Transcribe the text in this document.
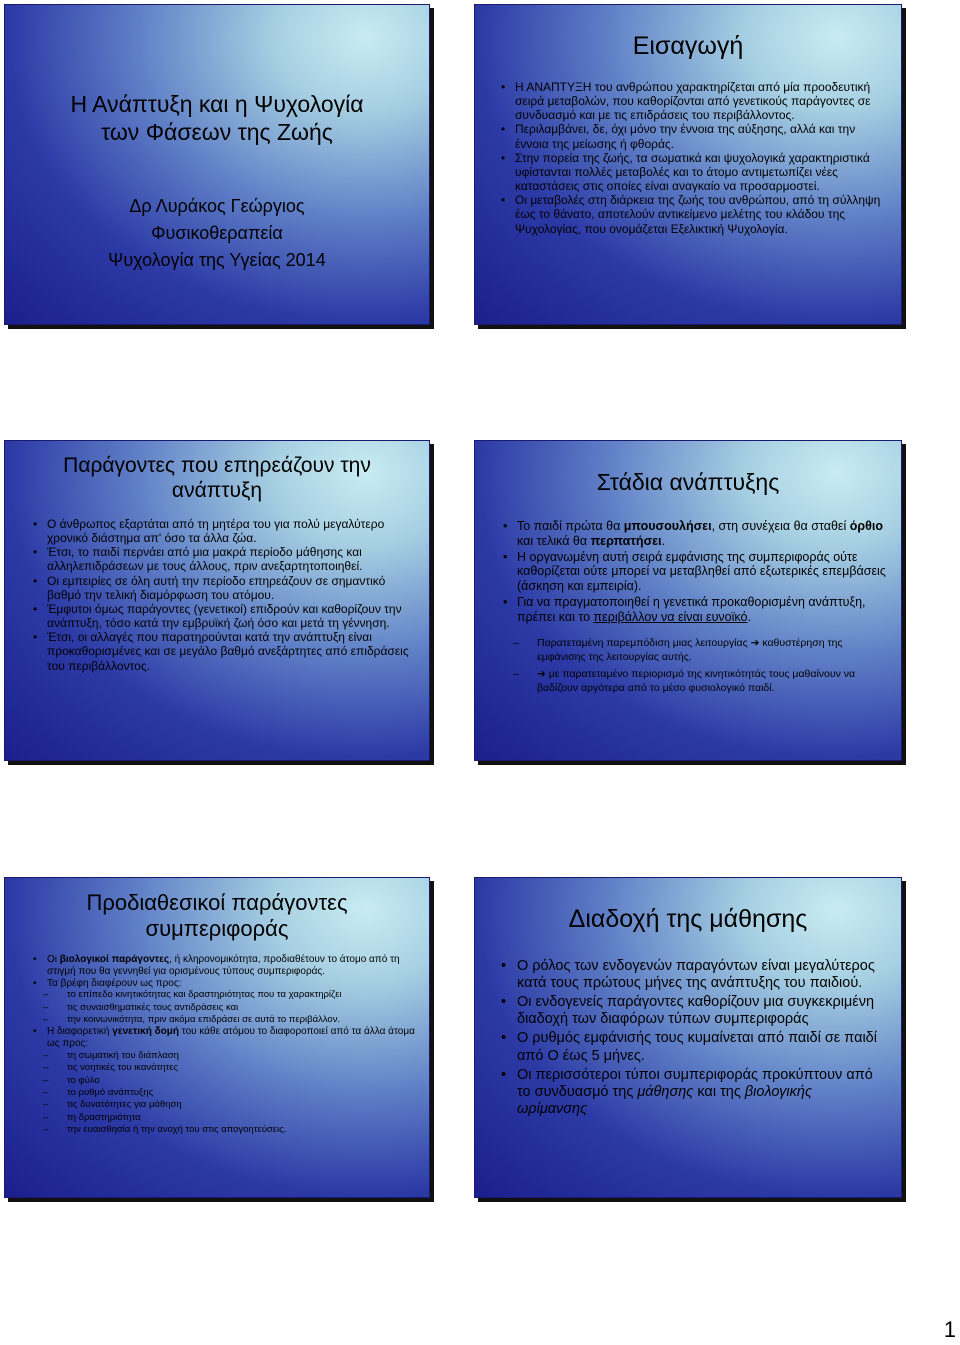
Η Ανάπτυξη και η Ψυχολογία
των Φάσεων της Ζωής
Δρ Λυράκος Γεώργιος
Φυσικοθεραπεία
Ψυχολογία της Υγείας 2014
Εισαγωγή
• Η ΑΝΑΠΤΥΞΗ του ανθρώπου χαρακτηρίζεται από μία προοδευτική σειρά μεταβολών, που καθορίζονται από γενετικούς παράγοντες σε συνδυασμό και με τις επιδράσεις του περιβάλλοντος.
• Περιλαμβάνει, δε, όχι μόνο την έννοια της αύξησης, αλλά και την έννοια της μείωσης ή φθοράς.
• Στην πορεία της ζωής, τα σωματικά και ψυχολογικά χαρακτηριστικά υφίστανται πολλές μεταβολές και το άτομο αντιμετωπίζει νέες καταστάσεις στις οποίες είναι αναγκαίο να προσαρμοστεί.
• Οι μεταβολές στη διάρκεια της ζωής του ανθρώπου, από τη σύλληψη έως το θάνατο, αποτελούν αντικείμενο μελέτης του κλάδου της Ψυχολογίας, που ονομάζεται Εξελικτική Ψυχολογία.
Παράγοντες που επηρεάζουν την
ανάπτυξη
• Ο άνθρωπος εξαρτάται από τη μητέρα του για πολύ μεγαλύτερο χρονικό διάστημα απ' όσο τα άλλα ζώα.
• Έτσι, το παιδί περνάει από μια μακρά περίοδο μάθησης και αλληλεπιδράσεων με τους άλλους, πριν ανεξαρτητοποιηθεί.
• Οι εμπειρίες σε όλη αυτή την περίοδο επηρεάζουν σε σημαντικό βαθμό την τελική διαμόρφωση του ατόμου.
• Έμφυτοι όμως παράγοντες (γενετικοί) επιδρούν και καθορίζουν την ανάπτυξη, τόσο κατά την εμβρυϊκή ζωή όσο και μετά τη γέννηση.
• Έτσι, οι αλλαγές που παρατηρούνται κατά την ανάπτυξη είναι προκαθορισμένες και σε μεγάλο βαθμό ανεξάρτητες από επιδράσεις του περιβάλλοντος.
Στάδια ανάπτυξης
• Το παιδί πρώτα θα μπουσουλήσει, στη συνέχεια θα σταθεί όρθιο και τελικά θα περπατήσει.
• Η οργανωμένη αυτή σειρά εμφάνισης της συμπεριφοράς ούτε καθορίζεται ούτε μπορεί να μεταβληθεί από εξωτερικές επεμβάσεις (άσκηση και εμπειρία).
• Για να πραγματοποιηθεί η γενετικά προκαθορισμένη ανάπτυξη, πρέπει και το περιβάλλον να είναι ευνοϊκό.
– Παρατεταμένη παρεμπόδιση μιας λειτουργίας ➔ καθυστέρηση της εμφάνισης της λειτουργίας αυτής.
– ➔ με παρατεταμένο περιορισμό της κινητικότητάς τους μαθαίνουν να βαδίζουν αργότερα από το μέσο φυσιολογικό παιδί.
Προδιαθεσικοί παράγοντες
συμπεριφοράς
• Οι βιολογικοί παράγοντες, ή κληρονομικότητα, προδιαθέτουν το άτομο από τη στιγμή που θα γεννηθεί για ορισμένους τύπους συμπεριφοράς.
• Τα βρέφη διαφέρουν ως προς:
– το επίπεδο κινητικότητας και δραστηριότητας που τα χαρακτηρίζει
– τις συναισθηματικές τους αντιδράσεις και
– την κοινωνικότητα, πριν ακόμα επιδράσει σε αυτά το περιβάλλον.
• Η διαφορετική γενετική δομή του κάθε ατόμου το διαφοροποιεί από τα άλλα άτομα ως προς:
– τη σωματική του διάπλαση
– τις νοητικές του ικανότητες
– το φύλο
– το ρυθμό ανάπτυξης
– τις δυνατότητες για μάθηση
– τη δραστηριότητα
– την ευαισθησία ή την ανοχή του στις απογοητεύσεις.
Διαδοχή της μάθησης
• Ο ρόλος των ενδογενών παραγόντων είναι μεγαλύτερος κατά τους πρώτους μήνες της ανάπτυξης του παιδιού.
• Οι ενδογενείς παράγοντες καθορίζουν μια συγκεκριμένη διαδοχή των διαφόρων τύπων συμπεριφοράς
• Ο ρυθμός εμφάνισής τους κυμαίνεται από παιδί σε παιδί από Ο έως 5 μήνες.
• Οι περισσότεροι τύποι συμπεριφοράς προκύπτουν από το συνδυασμό της μάθησης και της βιολογικής ωρίμανσης
1
